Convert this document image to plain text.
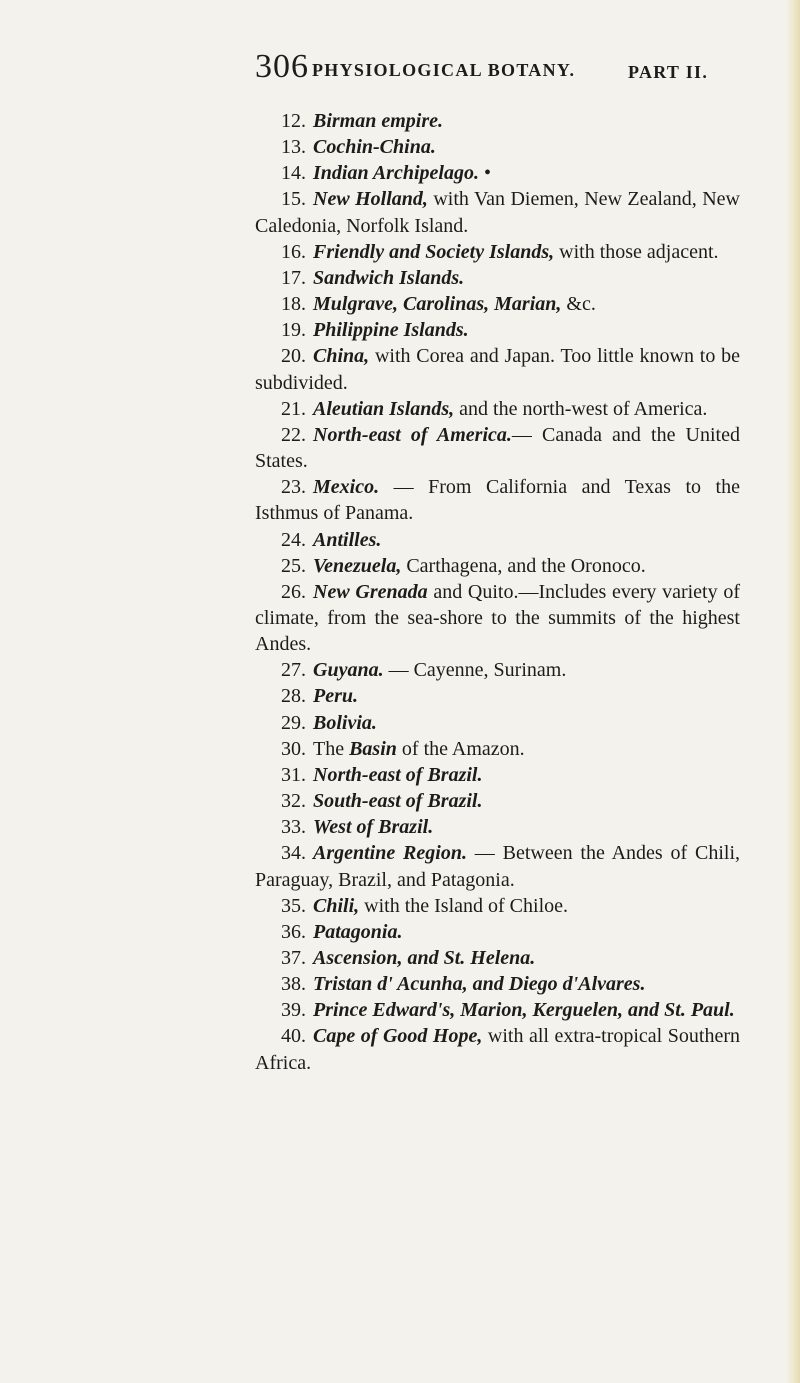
306 PHYSIOLOGICAL BOTANY.	PART II.

12. Birman empire.

13. Cochin-China.

14. Indian Archipelago. •

15. New Holland, with Van Diemen, New Zealand, New Caledonia, Norfolk Island.

16. Friendly and Society Islands, with those adjacent.

17. Sandwich Islands.

18. Mulgrave, Carolinas, Marian, &c.

19. Philippine Islands.

20. China, with Corea and Japan. Too little known to be subdivided.

21. Aleutian Islands, and the north-west of America.

22. North-east of America.— Canada and the United States.

23. Mexico. — From California and Texas to the Isthmus of Panama.

24. Antilles.

25. Venezuela, Carthagena, and the Oronoco.

26. New Grenada and Quito.—Includes every variety of climate, from the sea-shore to the summits of the highest Andes.

27. Guyana. — Cayenne, Surinam.

28. Peru.

29. Bolivia.

30. The Basin of the Amazon.

31. North-east of Brazil.

32. South-east of Brazil.

33. West of Brazil.

34. Argentine Region. — Between the Andes of Chili, Paraguay, Brazil, and Patagonia.

35. Chili, with the Island of Chiloe.

36. Patagonia.

37. Ascension, and St. Helena.

38. Tristan d' Acunha, and Diego d'Alvares.

39. Prince Edward's, Marion, Kerguelen, and St. Paul.

40. Cape of Good Hope, with all extra-tropical Southern Africa.
